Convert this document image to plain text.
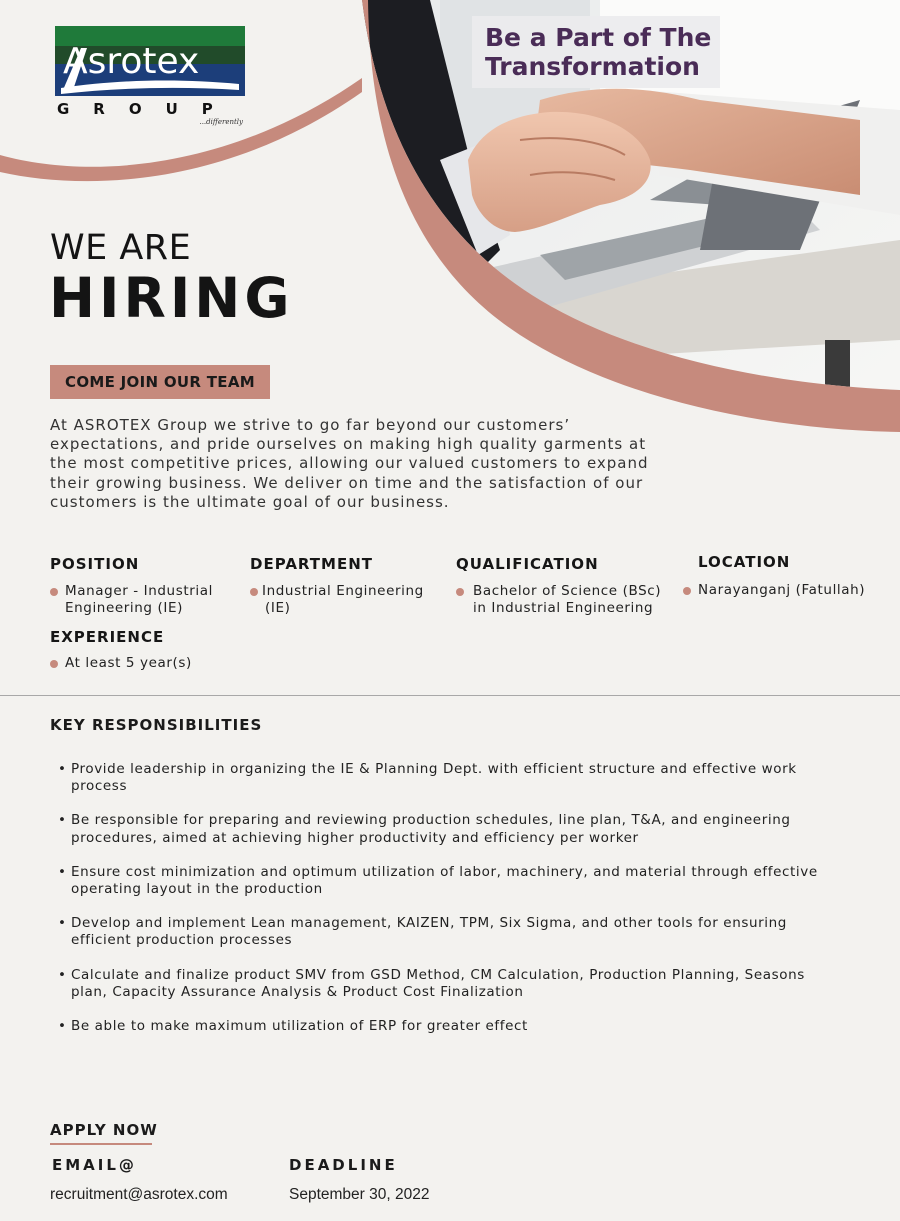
Be a Part of The
Transformation
Asrotex
GROUP
...differently
WE ARE
HIRING
COME JOIN OUR TEAM
At ASROTEX Group we strive to go far beyond our customers’
expectations, and pride ourselves on making high quality garments at
the most competitive prices, allowing our valued customers to expand
their growing business. We deliver on time and the satisfaction of our
customers is the ultimate goal of our business.
POSITION
Manager - Industrial
Engineering (IE)
DEPARTMENT
Industrial Engineering
(IE)
QUALIFICATION
Bachelor of Science (BSc)
in Industrial Engineering
LOCATION
Narayanganj (Fatullah)
EXPERIENCE
At least 5 year(s)
KEY RESPONSIBILITIES
• Provide leadership in organizing the IE & Planning Dept. with efficient structure and effective work
process
• Be responsible for preparing and reviewing production schedules, line plan, T&A, and engineering
procedures, aimed at achieving higher productivity and efficiency per worker
• Ensure cost minimization and optimum utilization of labor, machinery, and material through effective
operating layout in the production
• Develop and implement Lean management, KAIZEN, TPM, Six Sigma, and other tools for ensuring
efficient production processes
• Calculate and finalize product SMV from GSD Method, CM Calculation, Production Planning, Seasons
plan, Capacity Assurance Analysis & Product Cost Finalization
• Be able to make maximum utilization of ERP for greater effect
APPLY NOW
EMAIL@	DEADLINE
recruitment@asrotex.com	September 30, 2022
